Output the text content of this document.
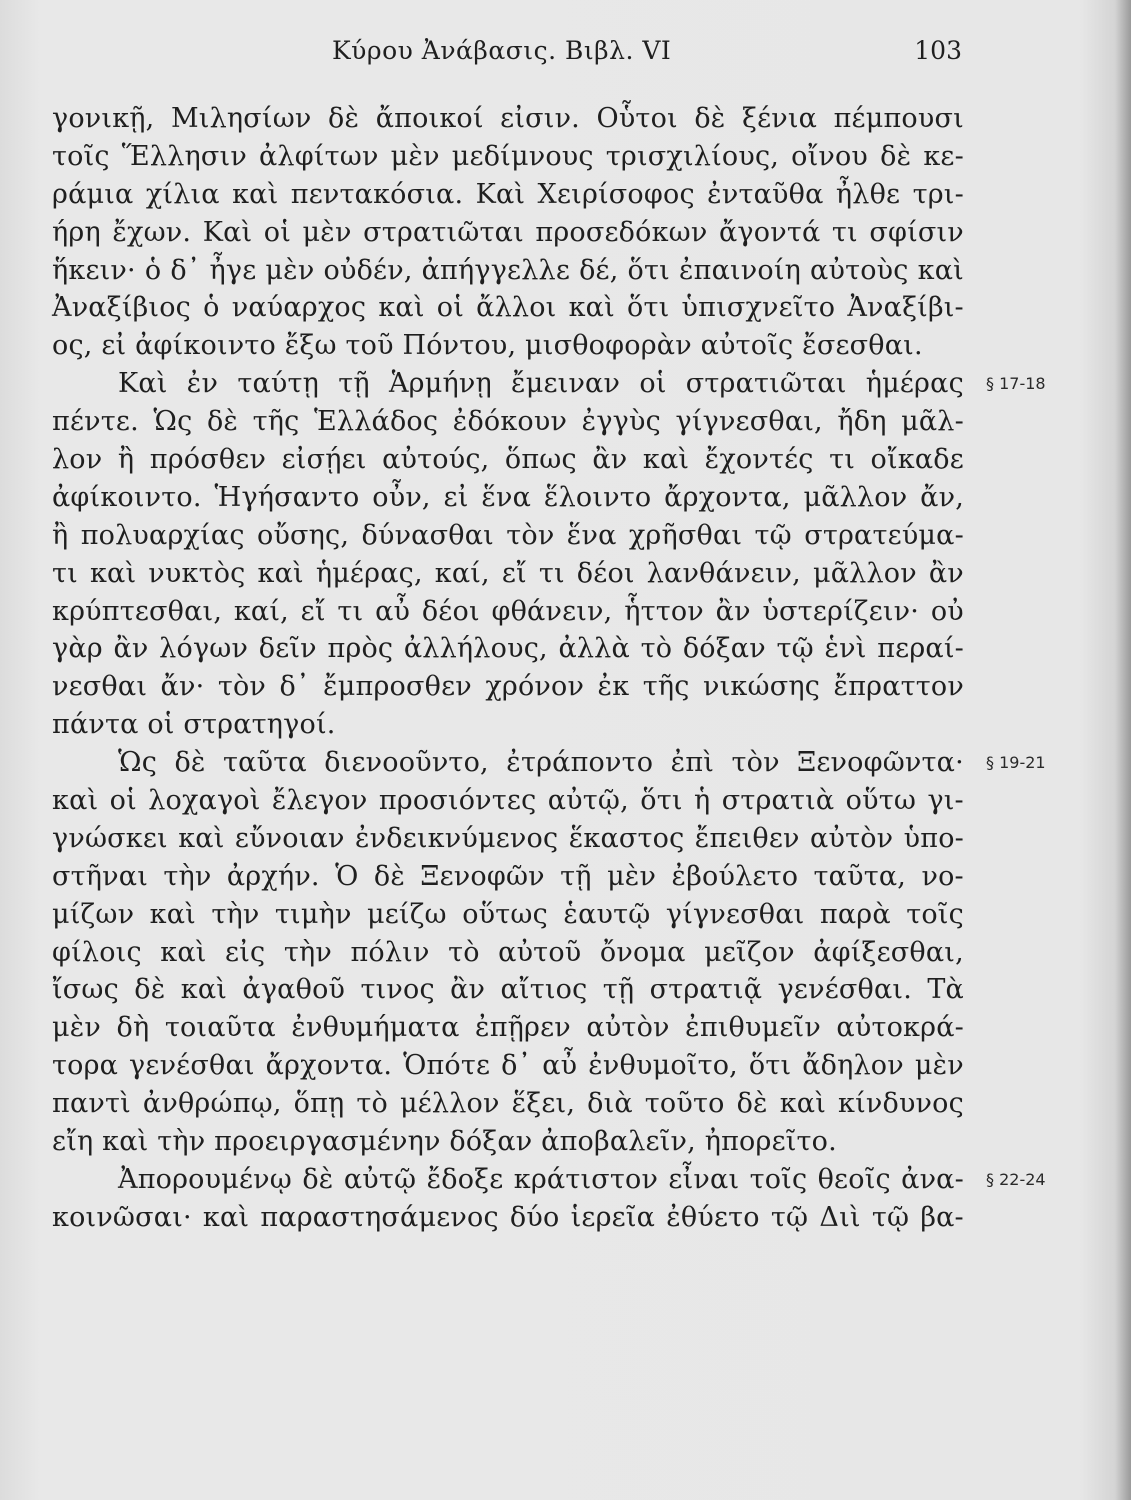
Κύρου Ἀνάβασις. Βιβλ. VI	103
γονικῇ, Μιλησίων δὲ ἄποικοί εἰσιν. Οὗτοι δὲ ξένια πέμπουσι
τοῖς Ἕλλησιν ἀλφίτων μὲν μεδίμνους τρισχιλίους, οἴνου δὲ κε-
ράμια χίλια καὶ πεντακόσια. Καὶ Χειρίσοφος ἐνταῦθα ἦλθε τρι-
ήρη ἔχων. Καὶ οἱ μὲν στρατιῶται προσεδόκων ἄγοντά τι σφίσιν
ἥκειν· ὁ δ᾽ ἦγε μὲν οὐδέν, ἀπήγγελλε δέ, ὅτι ἐπαινοίη αὐτοὺς καὶ
Ἀναξίβιος ὁ ναύαρχος καὶ οἱ ἄλλοι καὶ ὅτι ὑπισχνεῖτο Ἀναξίβι-
ος, εἰ ἀφίκοιντο ἔξω τοῦ Πόντου, μισθοφορὰν αὐτοῖς ἔσεσθαι.
Καὶ ἐν ταύτῃ τῇ Ἁρμήνῃ ἔμειναν οἱ στρατιῶται ἡμέρας
πέντε. Ὡς δὲ τῆς Ἑλλάδος ἐδόκουν ἐγγὺς γίγνεσθαι, ἤδη μᾶλ-
λον ἢ πρόσθεν εἰσῄει αὐτούς, ὅπως ἂν καὶ ἔχοντές τι οἴκαδε
ἀφίκοιντο. Ἡγήσαντο οὖν, εἰ ἕνα ἕλοιντο ἄρχοντα, μᾶλλον ἄν,
ἢ πολυαρχίας οὔσης, δύνασθαι τὸν ἕνα χρῆσθαι τῷ στρατεύμα-
τι καὶ νυκτὸς καὶ ἡμέρας, καί, εἴ τι δέοι λανθάνειν, μᾶλλον ἂν
κρύπτεσθαι, καί, εἴ τι αὖ δέοι φθάνειν, ἧττον ἂν ὑστερίζειν· οὐ
γὰρ ἂν λόγων δεῖν πρὸς ἀλλήλους, ἀλλὰ τὸ δόξαν τῷ ἑνὶ περαί-
νεσθαι ἄν· τὸν δ᾽ ἔμπροσθεν χρόνον ἐκ τῆς νικώσης ἔπραττον
πάντα οἱ στρατηγοί.
Ὡς δὲ ταῦτα διενοοῦντο, ἐτράποντο ἐπὶ τὸν Ξενοφῶντα·
καὶ οἱ λοχαγοὶ ἔλεγον προσιόντες αὐτῷ, ὅτι ἡ στρατιὰ οὕτω γι-
γνώσκει καὶ εὔνοιαν ἐνδεικνύμενος ἕκαστος ἔπειθεν αὐτὸν ὑπο-
στῆναι τὴν ἀρχήν. Ὁ δὲ Ξενοφῶν τῇ μὲν ἐβούλετο ταῦτα, νο-
μίζων καὶ τὴν τιμὴν μείζω οὕτως ἑαυτῷ γίγνεσθαι παρὰ τοῖς
φίλοις καὶ εἰς τὴν πόλιν τὸ αὐτοῦ ὄνομα μεῖζον ἀφίξεσθαι,
ἴσως δὲ καὶ ἀγαθοῦ τινος ἂν αἴτιος τῇ στρατιᾷ γενέσθαι. Τὰ
μὲν δὴ τοιαῦτα ἐνθυμήματα ἐπῇρεν αὐτὸν ἐπιθυμεῖν αὐτοκρά-
τορα γενέσθαι ἄρχοντα. Ὁπότε δ᾽ αὖ ἐνθυμοῖτο, ὅτι ἄδηλον μὲν
παντὶ ἀνθρώπῳ, ὅπῃ τὸ μέλλον ἕξει, διὰ τοῦτο δὲ καὶ κίνδυνος
εἴη καὶ τὴν προειργασμένην δόξαν ἀποβαλεῖν, ἠπορεῖτο.
Ἀπορουμένῳ δὲ αὐτῷ ἔδοξε κράτιστον εἶναι τοῖς θεοῖς ἀνα-
κοινῶσαι· καὶ παραστησάμενος δύο ἱερεῖα ἐθύετο τῷ Διὶ τῷ βα-
§ 17-18
§ 19-21
§ 22-24
